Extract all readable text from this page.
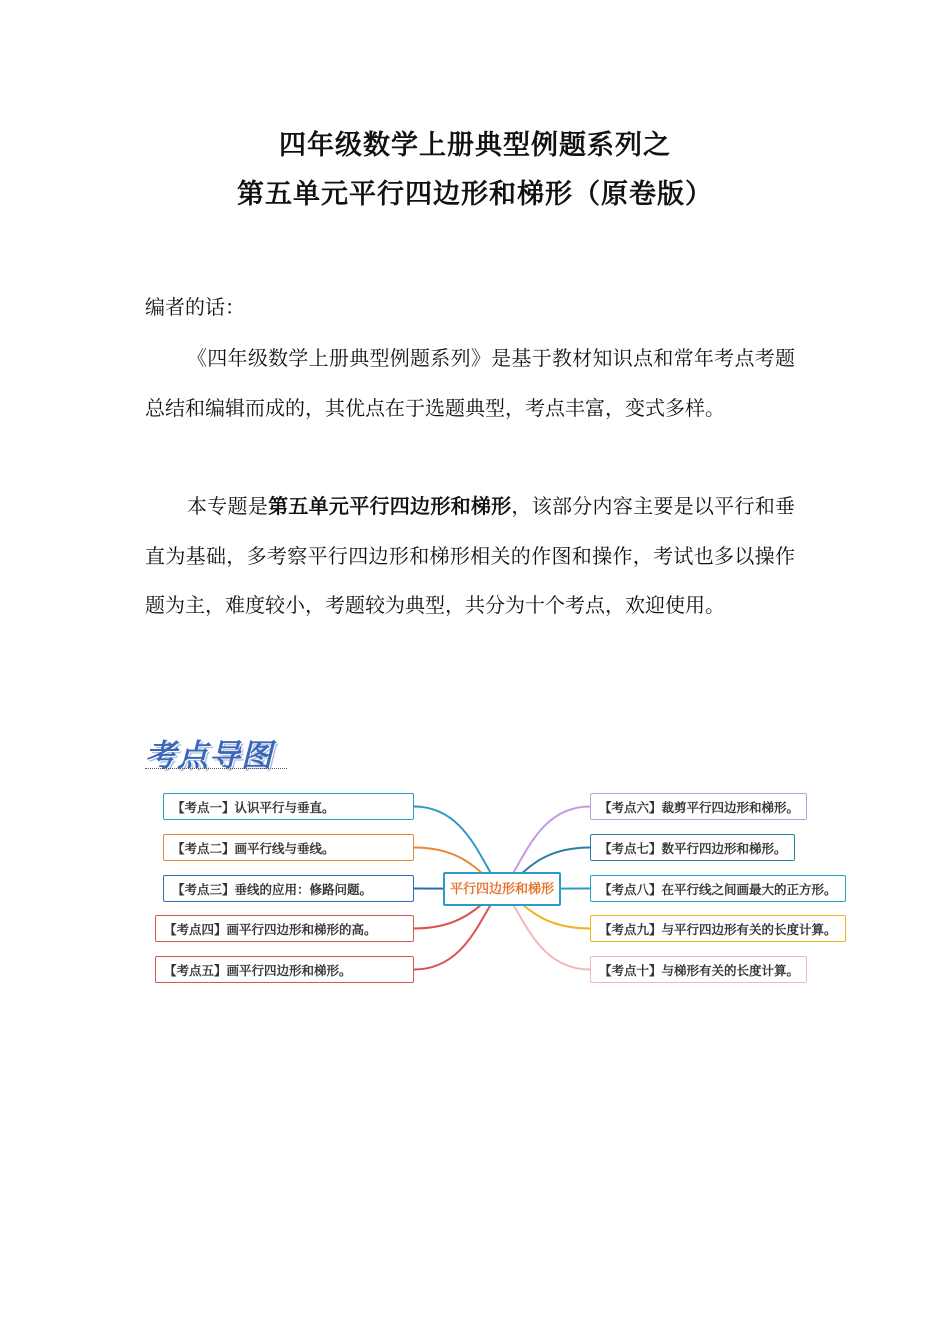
四年级数学上册典型例题系列之
第五单元平行四边形和梯形（原卷版）
编者的话：
《四年级数学上册典型例题系列》是基于教材知识点和常年考点考题总结和编辑而成的，其优点在于选题典型，考点丰富，变式多样。
本专题是第五单元平行四边形和梯形，该部分内容主要是以平行和垂直为基础，多考察平行四边形和梯形相关的作图和操作，考试也多以操作题为主，难度较小，考题较为典型，共分为十个考点，欢迎使用。
考点导图
平行四边形和梯形
【考点一】认识平行与垂直。
【考点二】画平行线与垂线。
【考点三】垂线的应用：修路问题。
【考点四】画平行四边形和梯形的高。
【考点五】画平行四边形和梯形。
【考点六】裁剪平行四边形和梯形。
【考点七】数平行四边形和梯形。
【考点八】在平行线之间画最大的正方形。
【考点九】与平行四边形有关的长度计算。
【考点十】与梯形有关的长度计算。
